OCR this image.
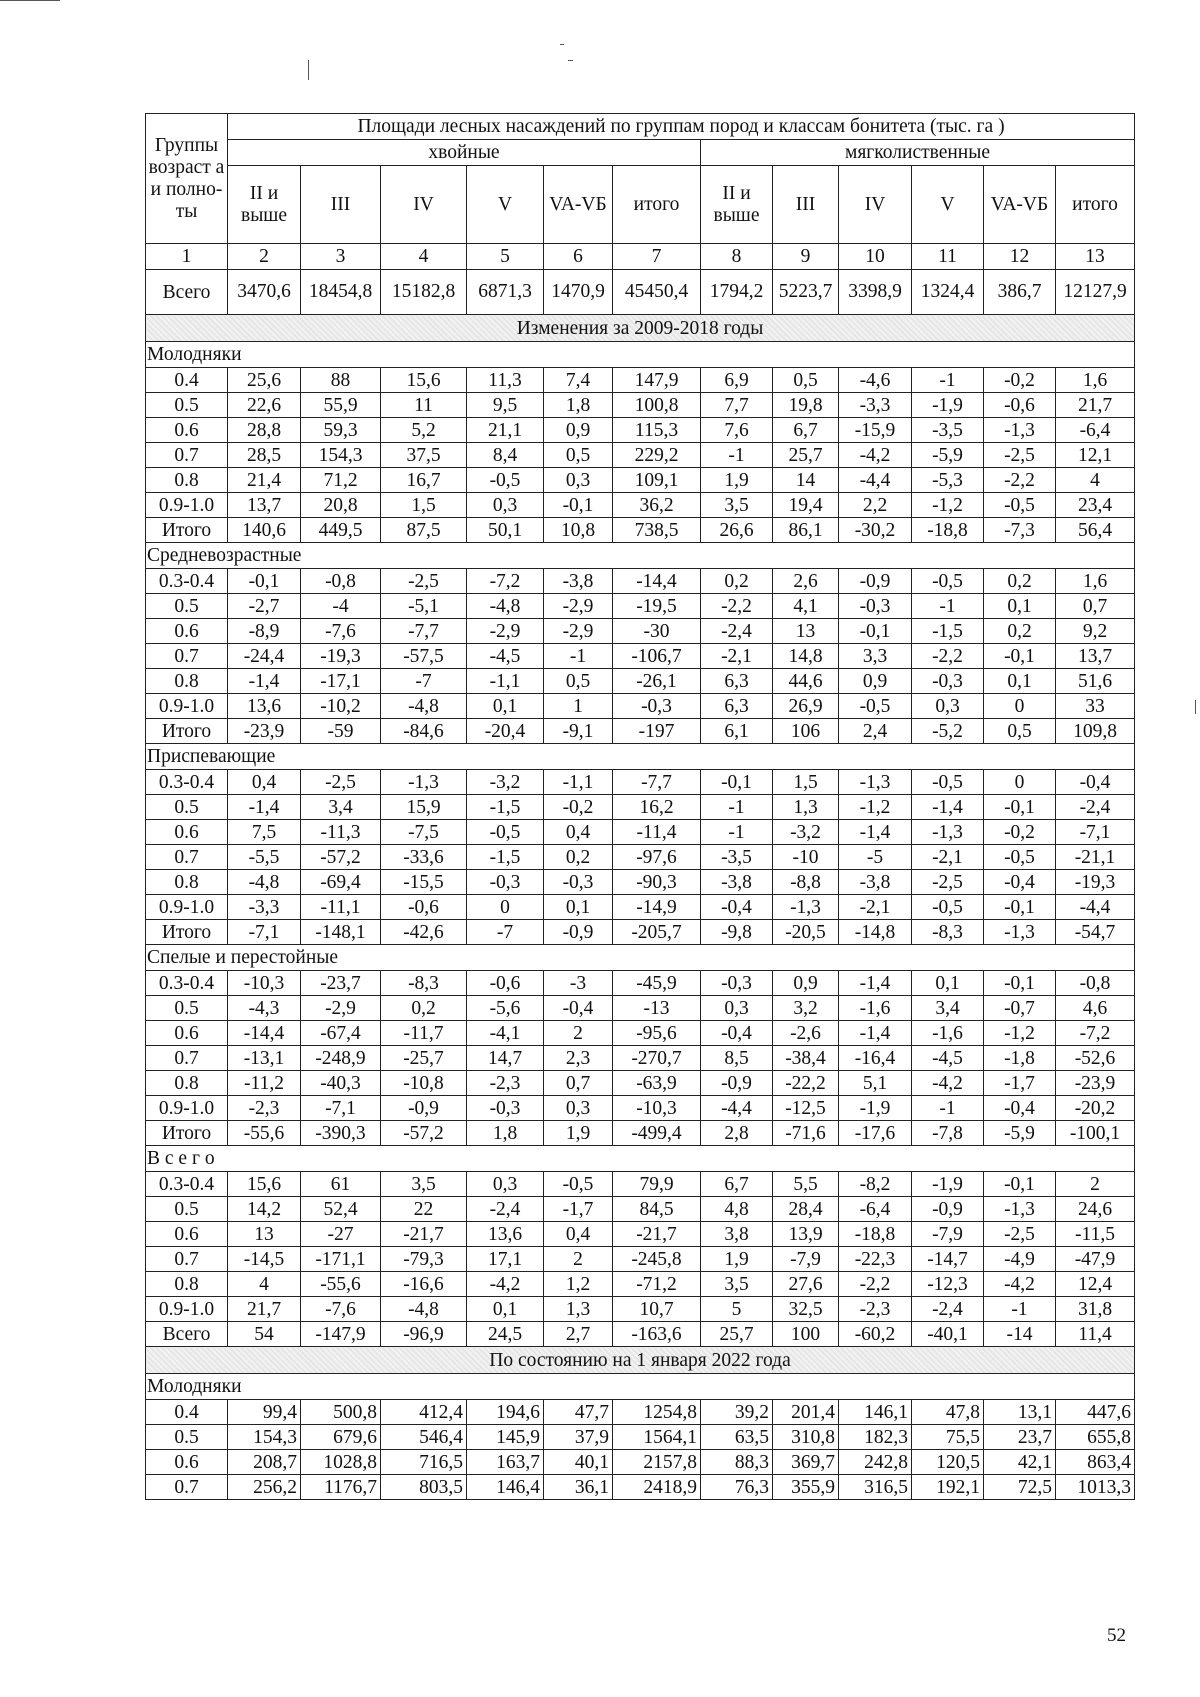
Группы возраст а и полно- ты	Площади лесных насаждений по группам пород и классам бонитета (тыс. га )											
	хвойные						мягколиственные					
	II и выше	III	IV	V	VA-VБ	итого	II и выше	III	IV	V	VA-VБ	итого
1	2	3	4	5	6	7	8	9	10	11	12	13
Всего	3470,6	18454,8	15182,8	6871,3	1470,9	45450,4	1794,2	5223,7	3398,9	1324,4	386,7	12127,9
Изменения за 2009-2018 годы												
Молодняки												
0.4	25,6	88	15,6	11,3	7,4	147,9	6,9	0,5	-4,6	-1	-0,2	1,6
0.5	22,6	55,9	11	9,5	1,8	100,8	7,7	19,8	-3,3	-1,9	-0,6	21,7
0.6	28,8	59,3	5,2	21,1	0,9	115,3	7,6	6,7	-15,9	-3,5	-1,3	-6,4
0.7	28,5	154,3	37,5	8,4	0,5	229,2	-1	25,7	-4,2	-5,9	-2,5	12,1
0.8	21,4	71,2	16,7	-0,5	0,3	109,1	1,9	14	-4,4	-5,3	-2,2	4
0.9-1.0	13,7	20,8	1,5	0,3	-0,1	36,2	3,5	19,4	2,2	-1,2	-0,5	23,4
Итого	140,6	449,5	87,5	50,1	10,8	738,5	26,6	86,1	-30,2	-18,8	-7,3	56,4
Средневозрастные												
0.3-0.4	-0,1	-0,8	-2,5	-7,2	-3,8	-14,4	0,2	2,6	-0,9	-0,5	0,2	1,6
0.5	-2,7	-4	-5,1	-4,8	-2,9	-19,5	-2,2	4,1	-0,3	-1	0,1	0,7
0.6	-8,9	-7,6	-7,7	-2,9	-2,9	-30	-2,4	13	-0,1	-1,5	0,2	9,2
0.7	-24,4	-19,3	-57,5	-4,5	-1	-106,7	-2,1	14,8	3,3	-2,2	-0,1	13,7
0.8	-1,4	-17,1	-7	-1,1	0,5	-26,1	6,3	44,6	0,9	-0,3	0,1	51,6
0.9-1.0	13,6	-10,2	-4,8	0,1	1	-0,3	6,3	26,9	-0,5	0,3	0	33
Итого	-23,9	-59	-84,6	-20,4	-9,1	-197	6,1	106	2,4	-5,2	0,5	109,8
Приспевающие												
0.3-0.4	0,4	-2,5	-1,3	-3,2	-1,1	-7,7	-0,1	1,5	-1,3	-0,5	0	-0,4
0.5	-1,4	3,4	15,9	-1,5	-0,2	16,2	-1	1,3	-1,2	-1,4	-0,1	-2,4
0.6	7,5	-11,3	-7,5	-0,5	0,4	-11,4	-1	-3,2	-1,4	-1,3	-0,2	-7,1
0.7	-5,5	-57,2	-33,6	-1,5	0,2	-97,6	-3,5	-10	-5	-2,1	-0,5	-21,1
0.8	-4,8	-69,4	-15,5	-0,3	-0,3	-90,3	-3,8	-8,8	-3,8	-2,5	-0,4	-19,3
0.9-1.0	-3,3	-11,1	-0,6	0	0,1	-14,9	-0,4	-1,3	-2,1	-0,5	-0,1	-4,4
Итого	-7,1	-148,1	-42,6	-7	-0,9	-205,7	-9,8	-20,5	-14,8	-8,3	-1,3	-54,7
Спелые и перестойные												
0.3-0.4	-10,3	-23,7	-8,3	-0,6	-3	-45,9	-0,3	0,9	-1,4	0,1	-0,1	-0,8
0.5	-4,3	-2,9	0,2	-5,6	-0,4	-13	0,3	3,2	-1,6	3,4	-0,7	4,6
0.6	-14,4	-67,4	-11,7	-4,1	2	-95,6	-0,4	-2,6	-1,4	-1,6	-1,2	-7,2
0.7	-13,1	-248,9	-25,7	14,7	2,3	-270,7	8,5	-38,4	-16,4	-4,5	-1,8	-52,6
0.8	-11,2	-40,3	-10,8	-2,3	0,7	-63,9	-0,9	-22,2	5,1	-4,2	-1,7	-23,9
0.9-1.0	-2,3	-7,1	-0,9	-0,3	0,3	-10,3	-4,4	-12,5	-1,9	-1	-0,4	-20,2
Итого	-55,6	-390,3	-57,2	1,8	1,9	-499,4	2,8	-71,6	-17,6	-7,8	-5,9	-100,1
В с е г о												
0.3-0.4	15,6	61	3,5	0,3	-0,5	79,9	6,7	5,5	-8,2	-1,9	-0,1	2
0.5	14,2	52,4	22	-2,4	-1,7	84,5	4,8	28,4	-6,4	-0,9	-1,3	24,6
0.6	13	-27	-21,7	13,6	0,4	-21,7	3,8	13,9	-18,8	-7,9	-2,5	-11,5
0.7	-14,5	-171,1	-79,3	17,1	2	-245,8	1,9	-7,9	-22,3	-14,7	-4,9	-47,9
0.8	4	-55,6	-16,6	-4,2	1,2	-71,2	3,5	27,6	-2,2	-12,3	-4,2	12,4
0.9-1.0	21,7	-7,6	-4,8	0,1	1,3	10,7	5	32,5	-2,3	-2,4	-1	31,8
Всего	54	-147,9	-96,9	24,5	2,7	-163,6	25,7	100	-60,2	-40,1	-14	11,4
По состоянию на 1 января 2022 года												
Молодняки												
0.4	99,4	500,8	412,4	194,6	47,7	1254,8	39,2	201,4	146,1	47,8	13,1	447,6
0.5	154,3	679,6	546,4	145,9	37,9	1564,1	63,5	310,8	182,3	75,5	23,7	655,8
0.6	208,7	1028,8	716,5	163,7	40,1	2157,8	88,3	369,7	242,8	120,5	42,1	863,4
0.7	256,2	1176,7	803,5	146,4	36,1	2418,9	76,3	355,9	316,5	192,1	72,5	1013,3
52
